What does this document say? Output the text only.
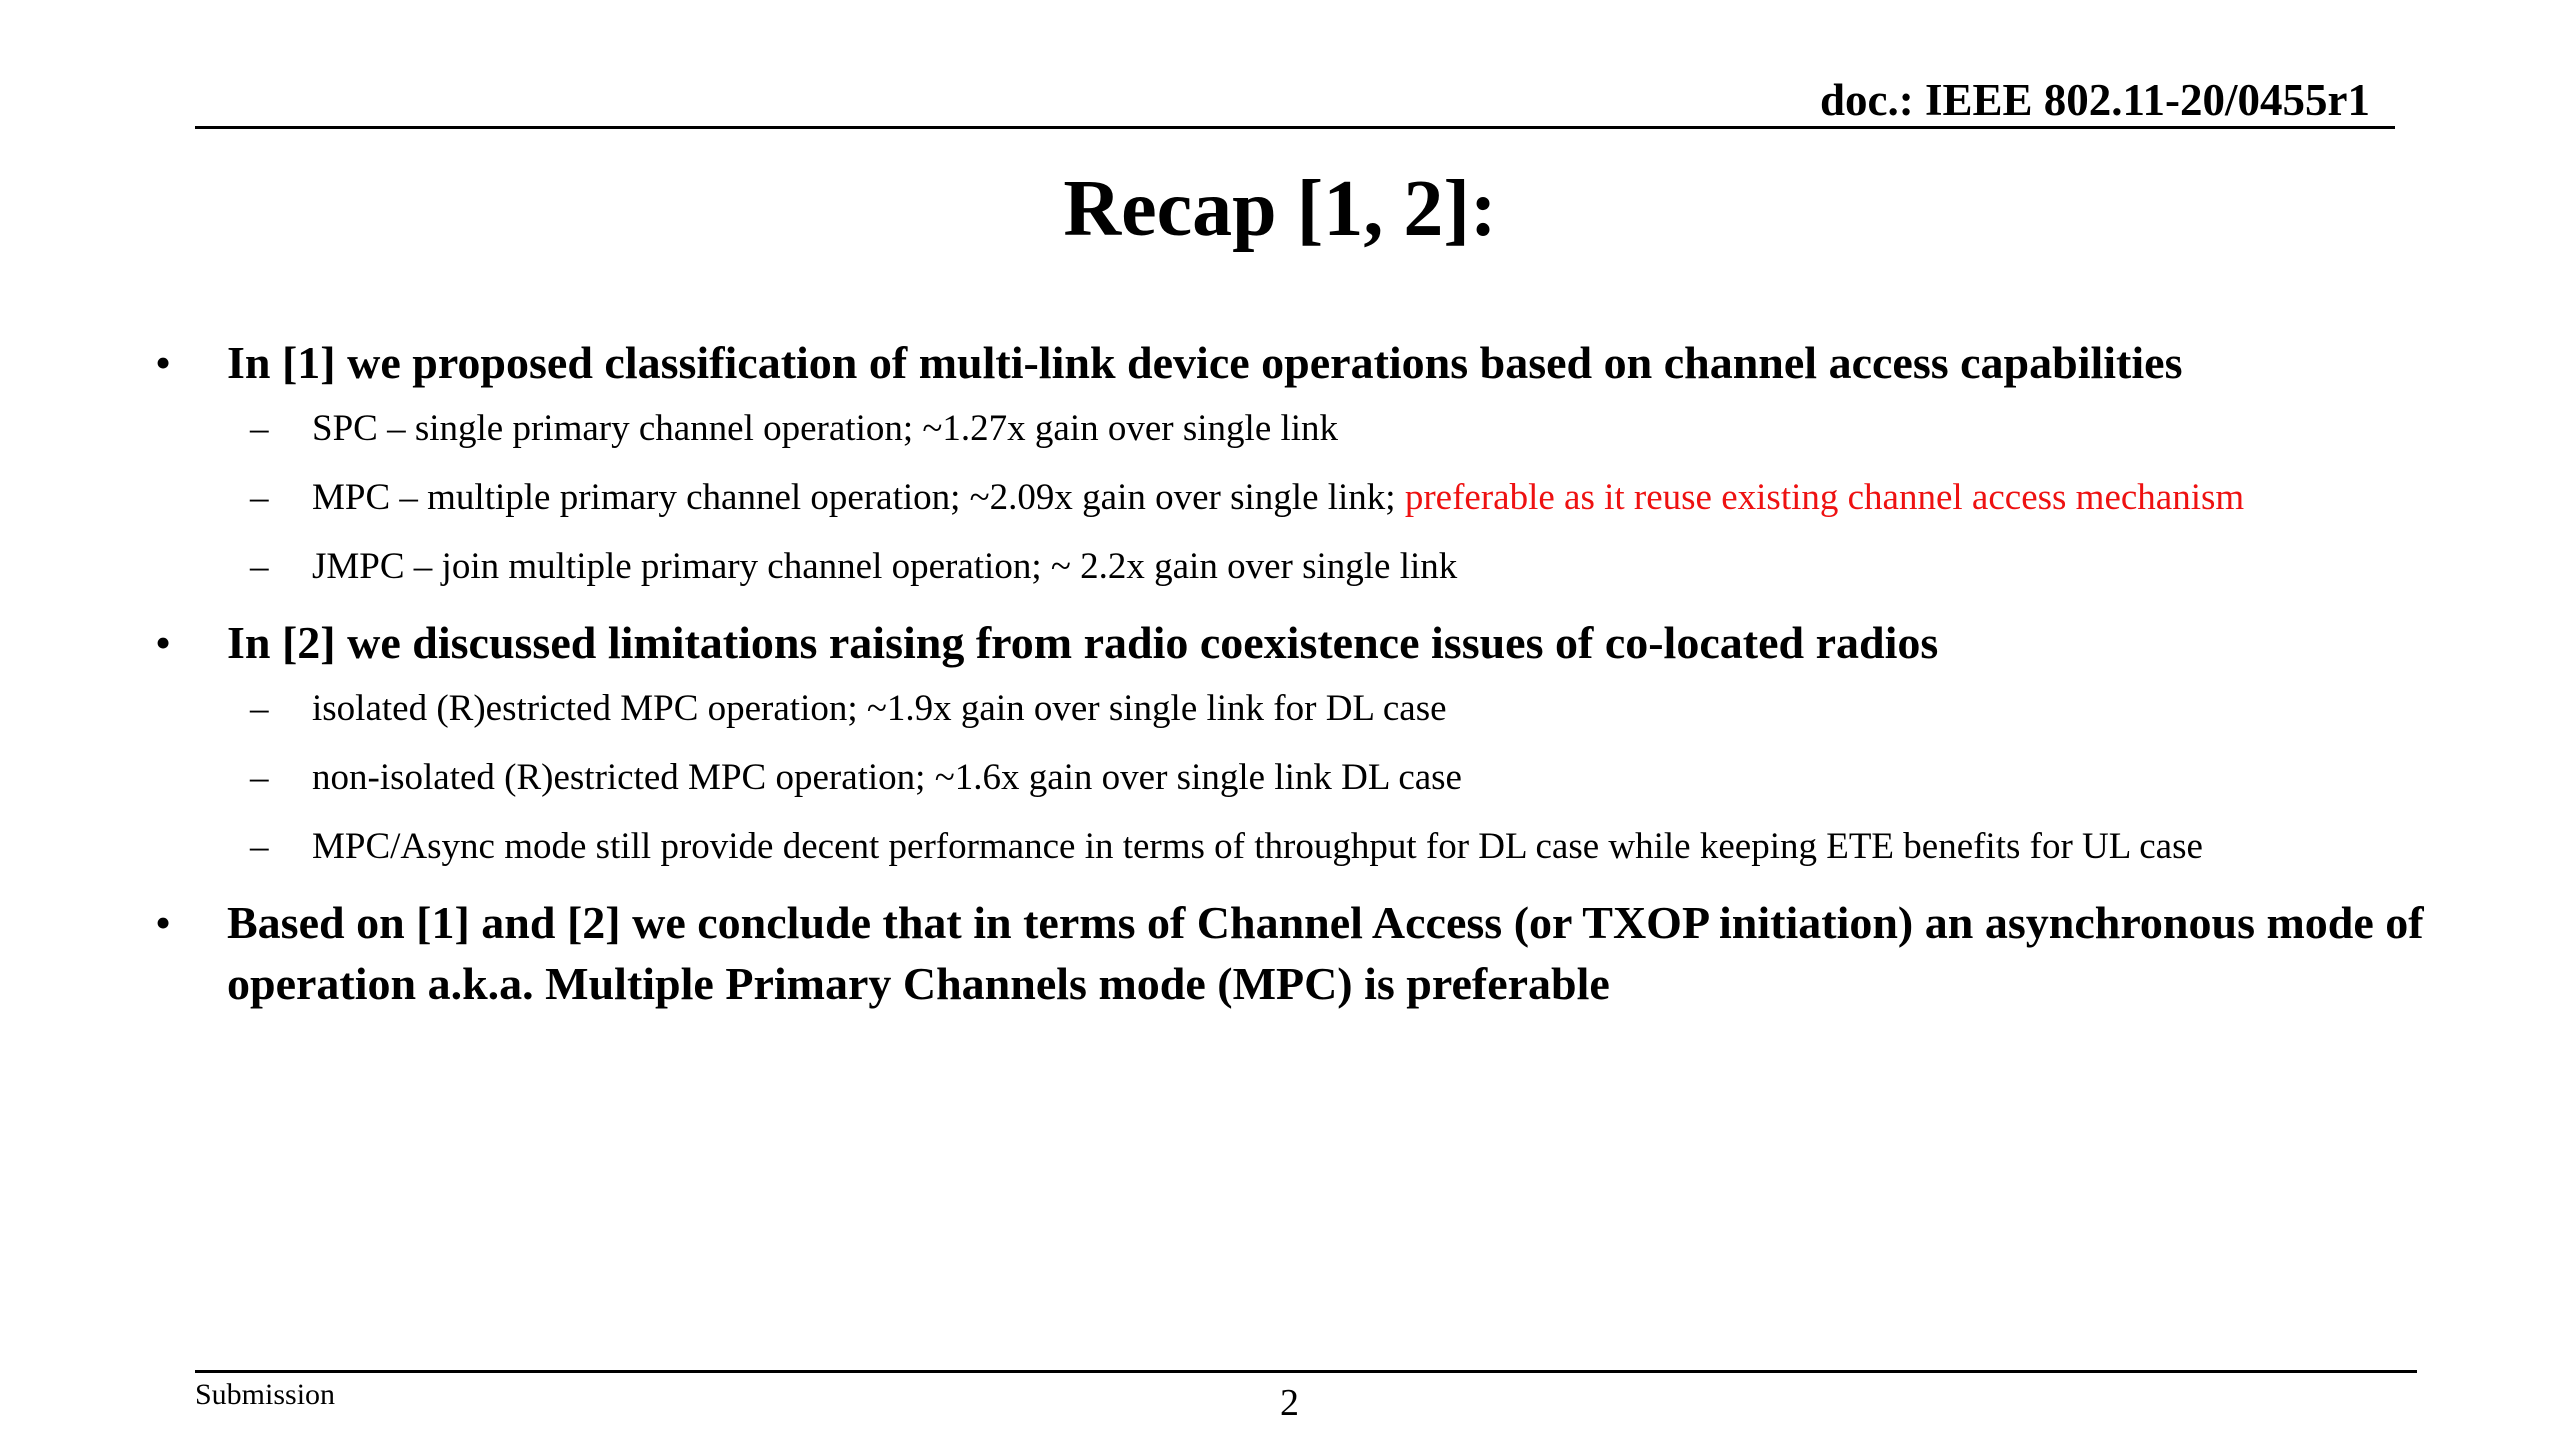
doc.: IEEE 802.11-20/0455r1
Recap [1, 2]:
• In [1] we proposed classification of multi-link device operations based on channel access capabilities
– SPC – single primary channel operation; ~1.27x gain over single link
– MPC – multiple primary channel operation; ~2.09x gain over single link; preferable as it reuse existing channel access mechanism
– JMPC – join multiple primary channel operation; ~ 2.2x gain over single link
• In [2] we discussed limitations raising from radio coexistence issues of co-located radios
– isolated (R)estricted MPC operation; ~1.9x gain over single link for DL case
– non-isolated (R)estricted MPC operation; ~1.6x gain over single link DL case
– MPC/Async mode still provide decent performance in terms of throughput for DL case while keeping ETE benefits for UL case
• Based on [1] and [2] we conclude that in terms of Channel Access (or TXOP initiation) an asynchronous mode of operation a.k.a. Multiple Primary Channels mode (MPC) is preferable
Submission	2
